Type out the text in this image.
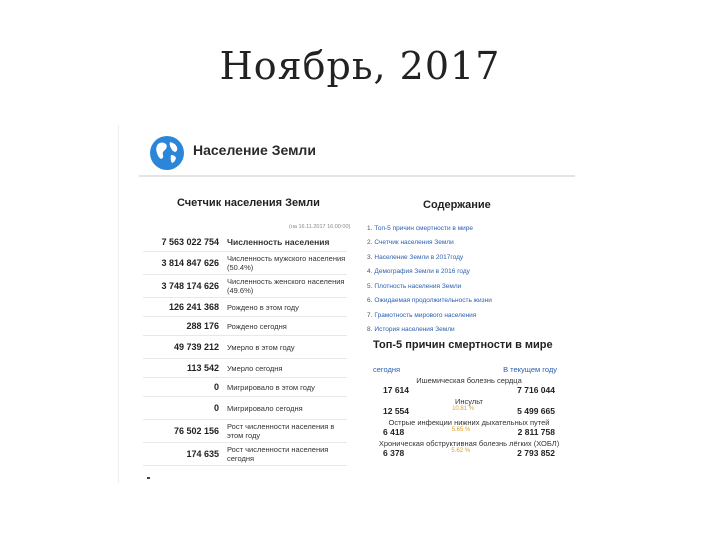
Ноябрь, 2017
Население Земли
Счетчик населения Земли
(на 16.11.2017 16:00:00)
7 563 022 754 Численность населения
3 814 847 626	Численность мужского населения (50.4%)
3 748 174 626	Численность женского населения (49.6%)
126 241 368	Рождено в этом году
288 176	Рождено сегодня
49 739 212	Умерло в этом году
113 542	Умерло сегодня
0	Мигрировало в этом году
0	Мигрировало сегодня
76 502 156	Рост численности населения в этом году
174 635	Рост численности населения сегодня
Содержание
1. Топ-5 причин смертности в мире
2. Счетчик населения Земли
3. Население Земли в 2017году
4. Демография Земли в 2016 году
5. Плотность населения Земли
6. Ожидаемая продолжительность жизни
7. Грамотность мирового населения
8. История населения Земли
Топ-5 причин смертности в мире
сегодня	В текущем году
Ишемическая болезнь сердца
17 614	7 716 044
Инсульт
12 554	10.81 %	5 499 665
Острые инфекции нижних дыхательных путей
6 418	5.65 %	2 811 758
Хроническая обструктивная болезнь лёгких (ХОБЛ)
6 378	5.62 %	2 793 852
